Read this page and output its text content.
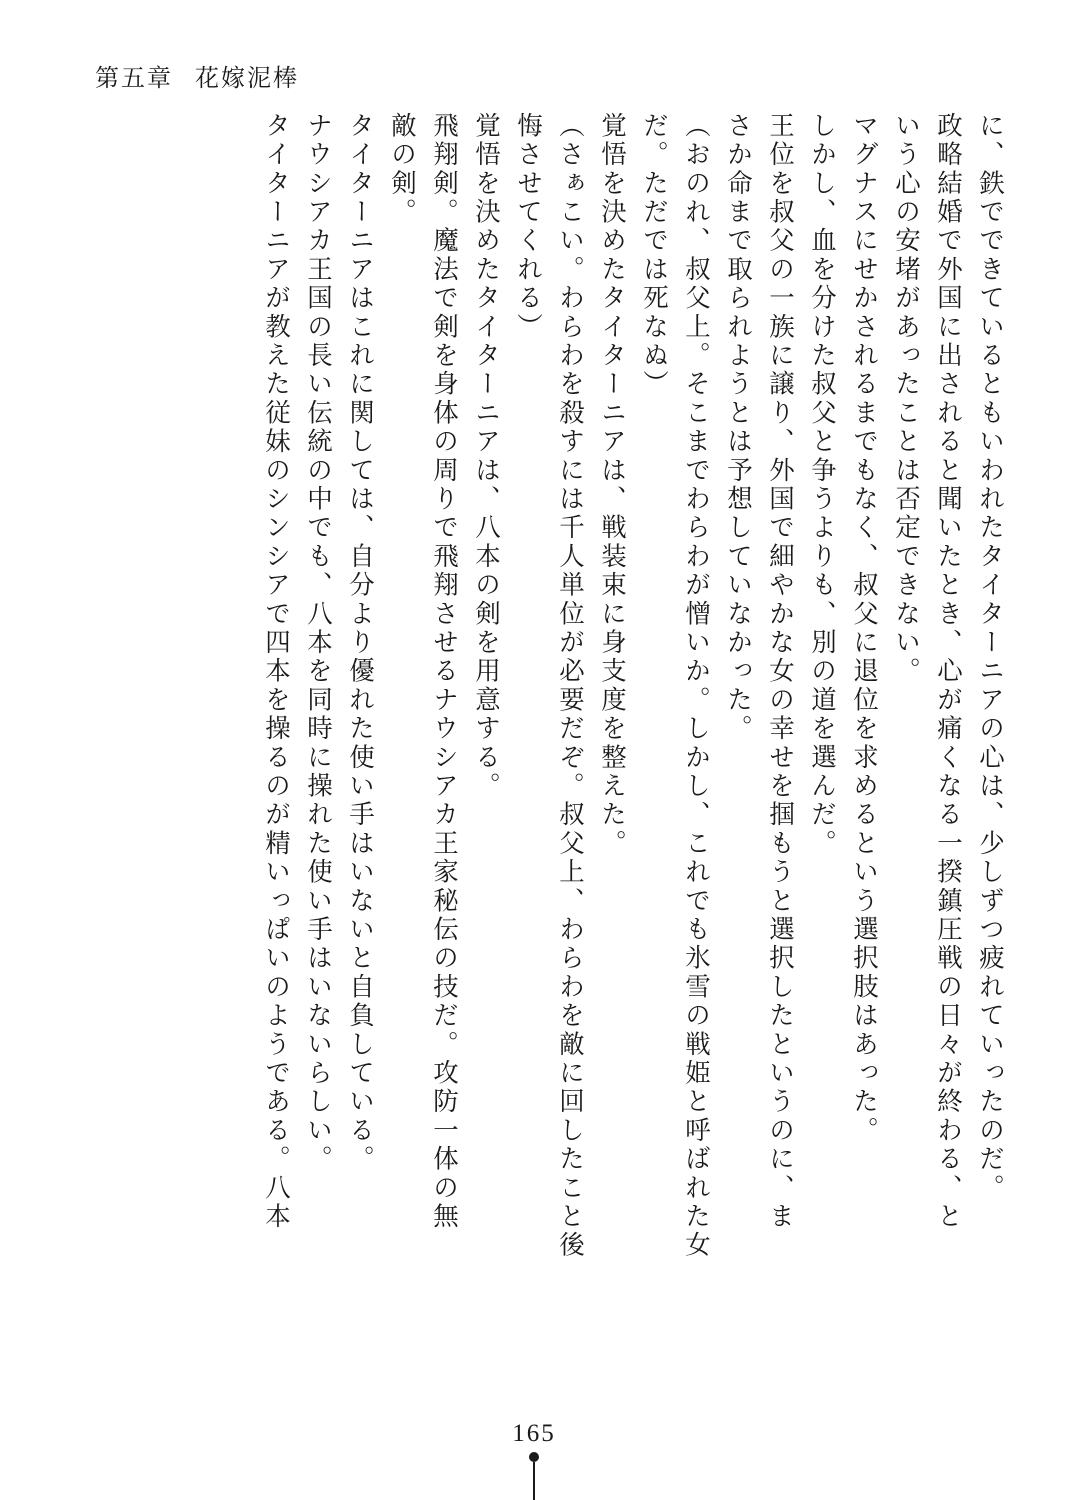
第五章 花嫁泥棒
に、鉄でできているともいわれたタイターニアの心は、少しずつ疲れていったのだ。
政略結婚で外国に出されると聞いたとき、心が痛くなる一揆鎮圧戦の日々が終わる、と
いう心の安堵があったことは否定できない。
マグナスにせかされるまでもなく、叔父に退位を求めるという選択肢はあった。
しかし、血を分けた叔父と争うよりも、別の道を選んだ。
王位を叔父の一族に譲り、外国で細やかな女の幸せを掴もうと選択したというのに、ま
さか命まで取られようとは予想していなかった。
（おのれ、叔父上。そこまでわらわが憎いか。しかし、これでも氷雪の戦姫と呼ばれた女
だ。ただでは死なぬ）
覚悟を決めたタイターニアは、戦装束に身支度を整えた。
（さぁこい。わらわを殺すには千人単位が必要だぞ。叔父上、わらわを敵に回したこと後
悔させてくれる）
覚悟を決めたタイターニアは、八本の剣を用意する。
飛翔剣。魔法で剣を身体の周りで飛翔させるナウシアカ王家秘伝の技だ。攻防一体の無
敵の剣。
タイターニアはこれに関しては、自分より優れた使い手はいないと自負している。
ナウシアカ王国の長い伝統の中でも、八本を同時に操れた使い手はいないらしい。
タイターニアが教えた従妹のシンシアで四本を操るのが精いっぱいのようである。八本
165
